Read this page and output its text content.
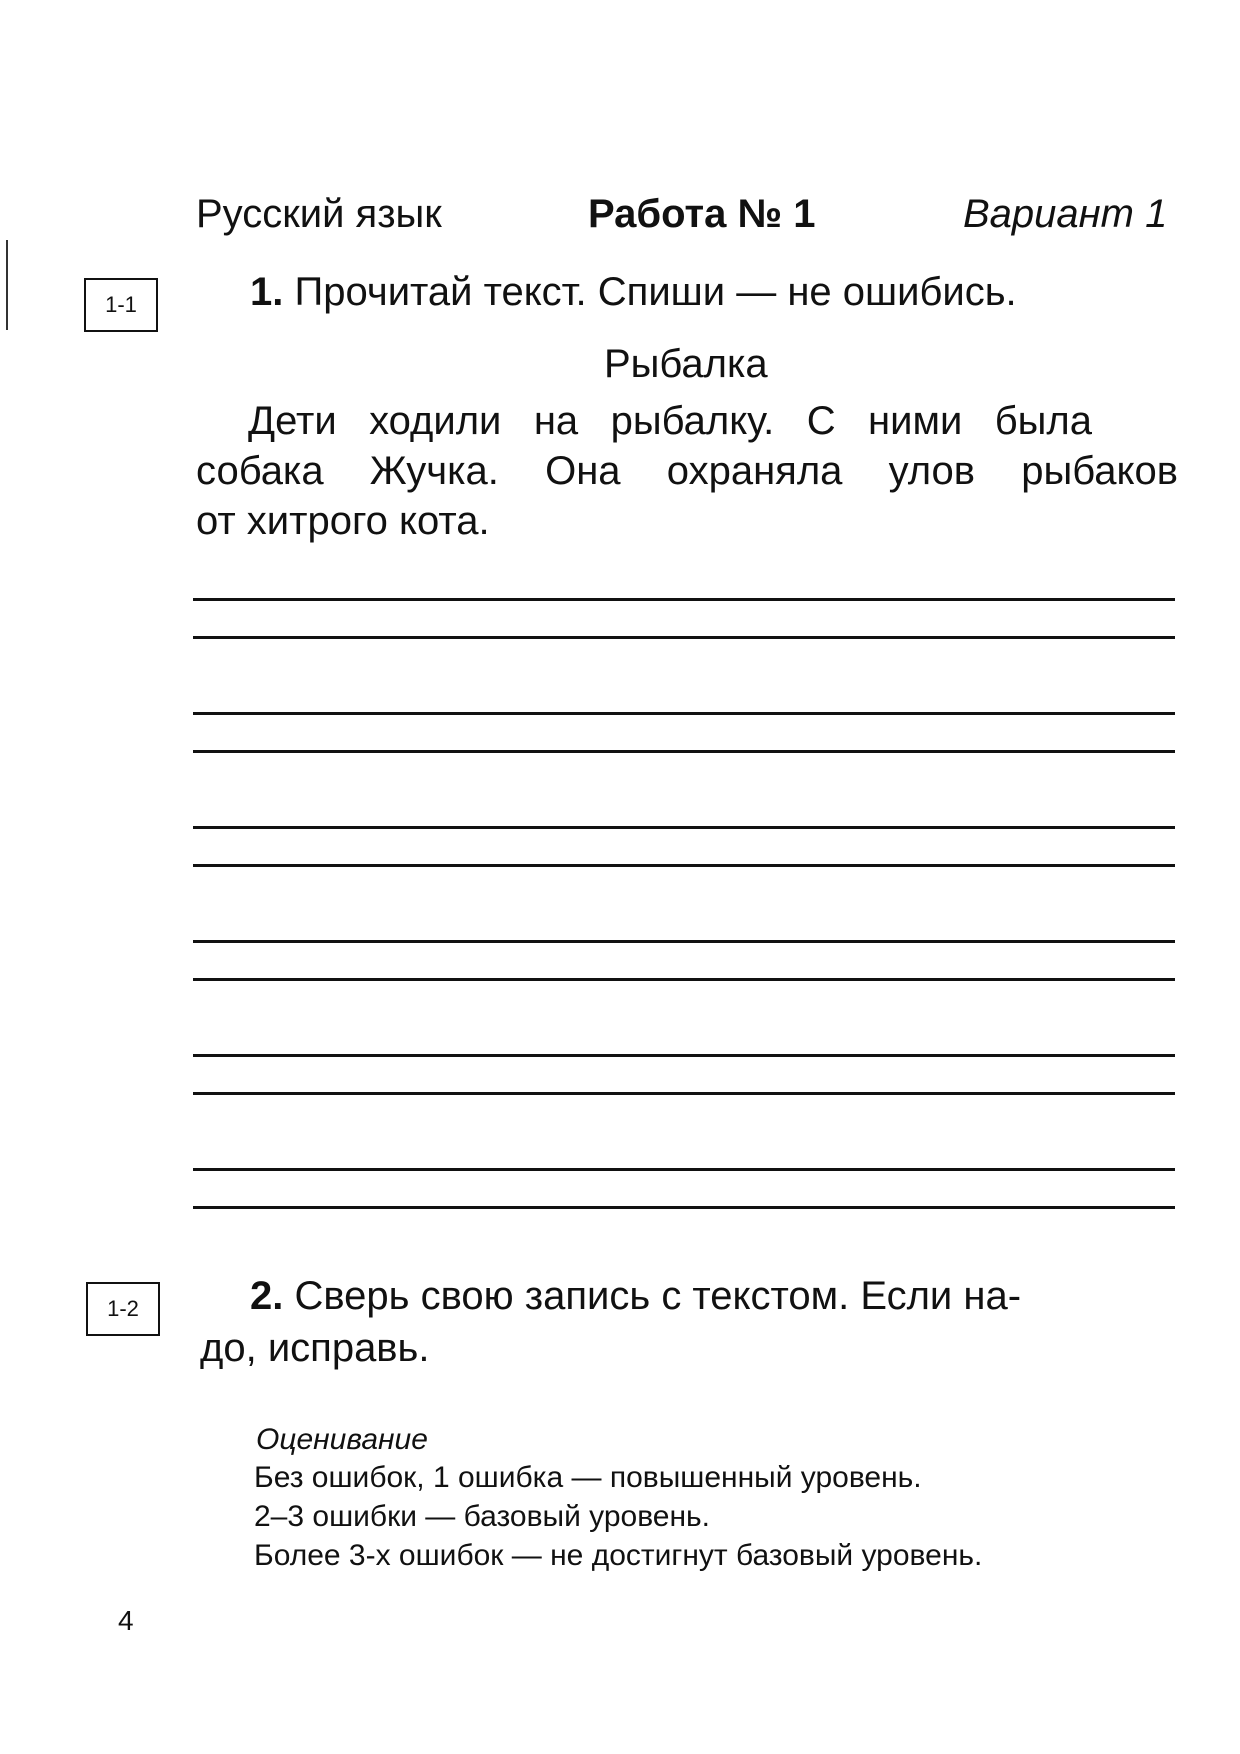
Русский язык	Работа № 1	Вариант 1
1-1	1. Прочитай текст. Спиши — не ошибись.
Рыбалка
Дети ходили на рыбалку. С ними была
собака Жучка. Она охраняла улов рыбаков
от хитрого кота.
1-2	2. Сверь свою запись с текстом. Если на-
до, исправь.
Оценивание
Без ошибок, 1 ошибка — повышенный уровень.
2–3 ошибки — базовый уровень.
Более 3-х ошибок — не достигнут базовый уровень.
4
